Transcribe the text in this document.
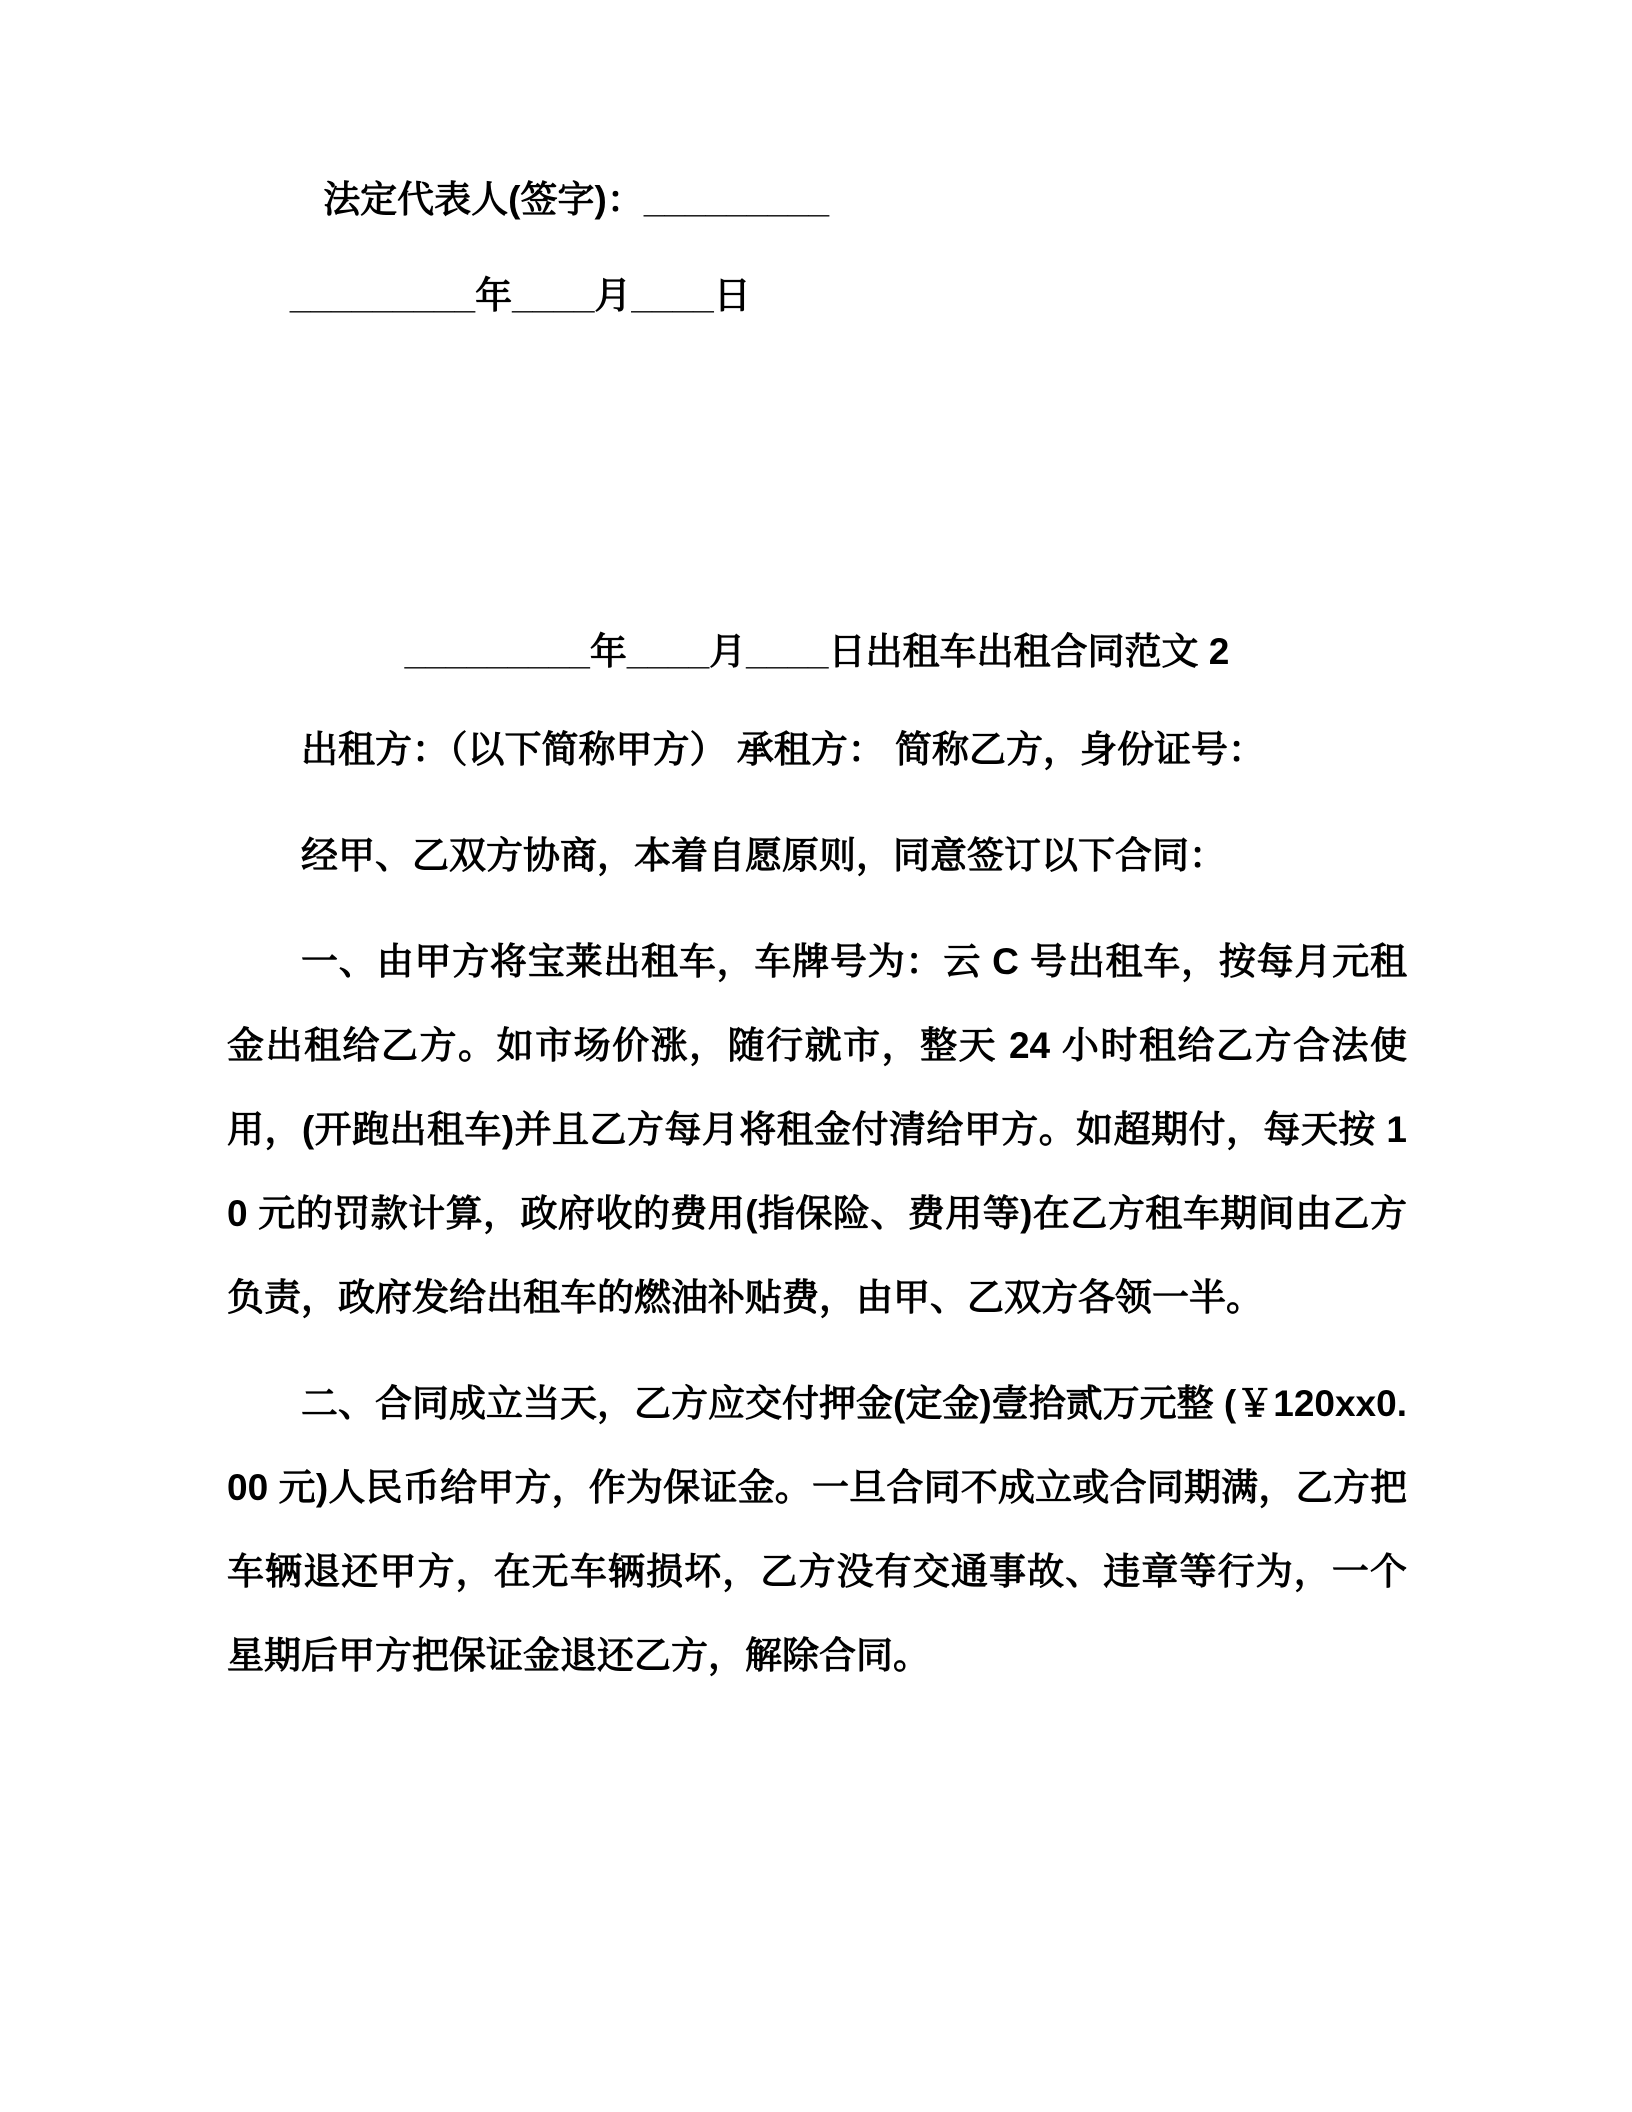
法定代表人(签字)：_________

_________年____月____日

_________年____月____日出租车出租合同范文 2

出租方：（以下简称甲方） 承租方： 简称乙方，身份证号：

经甲、乙双方协商，本着自愿原则，同意签订以下合同：

一、由甲方将宝莱出租车，车牌号为：云 C 号出租车，按每月元租金出租给乙方。如市场价涨，随行就市，整天 24 小时租给乙方合法使用，(开跑出租车)并且乙方每月将租金付清给甲方。如超期付，每天按 10 元的罚款计算，政府收的费用(指保险、费用等)在乙方租车期间由乙方负责，政府发给出租车的燃油补贴费，由甲、乙双方各领一半。

二、合同成立当天，乙方应交付押金(定金)壹拾贰万元整 (￥120xx0.00 元)人民币给甲方，作为保证金。一旦合同不成立或合同期满，乙方把车辆退还甲方，在无车辆损坏，乙方没有交通事故、违章等行为，一个星期后甲方把保证金退还乙方，解除合同。
